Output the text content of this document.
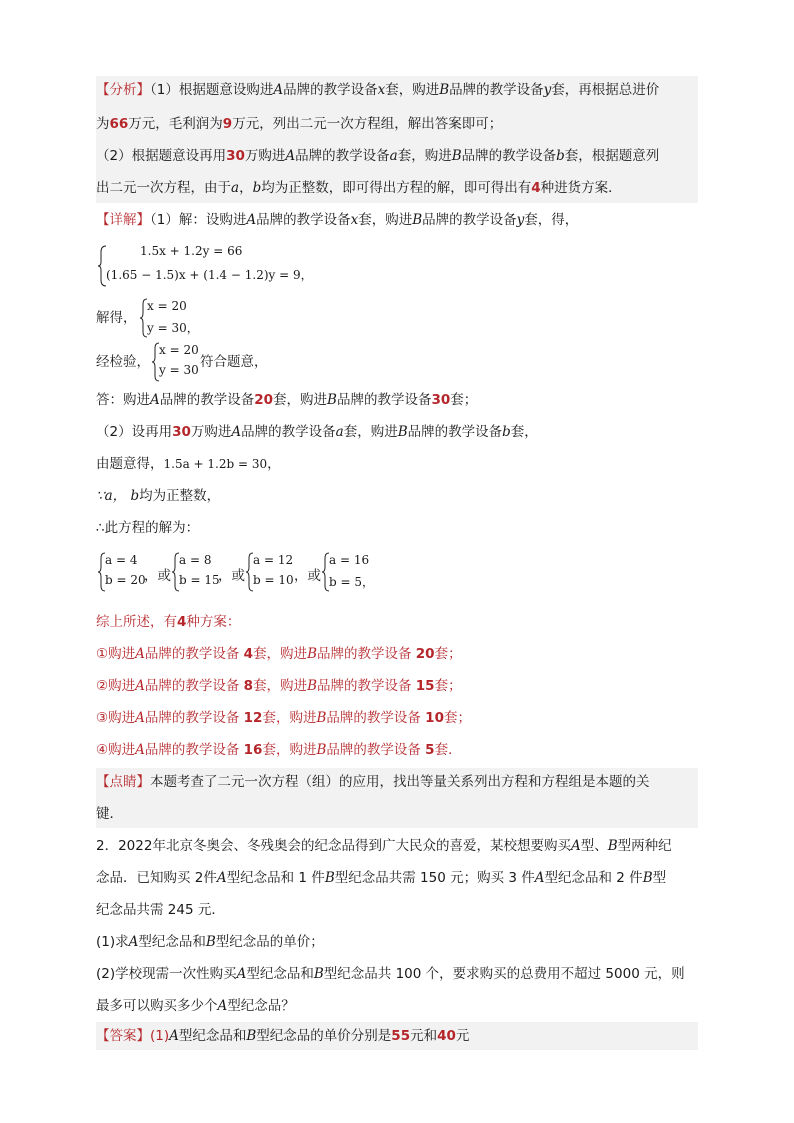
【分析】（1）根据题意设购进A品牌的教学设备x套，购进B品牌的教学设备y套，再根据总进价
为66万元，毛利润为9万元，列出二元一次方程组，解出答案即可；
（2）根据题意设再用30万购进A品牌的教学设备a套，购进B品牌的教学设备b套，根据题意列
出二元一次方程，由于a，b均为正整数，即可得出方程的解，即可得出有4种进货方案．
【详解】（1）解：设购进A品牌的教学设备x套，购进B品牌的教学设备y套，得，
1.5x + 1.2y = 66
(1.65 − 1.5)x + (1.4 − 1.2)y = 9，
解得，
x = 20
y = 30，
经检验，
x = 20
y = 30 符合题意，
答：购进A品牌的教学设备20套，购进B品牌的教学设备30套；
（2）设再用30万购进A品牌的教学设备a套，购进B品牌的教学设备b套，
由题意得，1.5a + 1.2b = 30，
∵a， b均为正整数，
∴此方程的解为：
a = 4
b = 20
，或
a = 8
b = 15
，或
a = 12
b = 10 ，或
a = 16
b = 5，
综上所述，有4种方案：
①购进A品牌的教学设备 4套，购进B品牌的教学设备 20套；
②购进A品牌的教学设备 8套，购进B品牌的教学设备 15套；
③购进A品牌的教学设备 12套，购进B品牌的教学设备 10套；
④购进A品牌的教学设备 16套，购进B品牌的教学设备 5套．
【点睛】本题考查了二元一次方程（组）的应用，找出等量关系列出方程和方程组是本题的关
键．
2．2022年北京冬奥会、冬残奥会的纪念品得到广大民众的喜爱，某校想要购买A型、B型两种纪
念品．已知购买 2件A型纪念品和 1 件B型纪念品共需 150 元；购买 3 件A型纪念品和 2 件B型
纪念品共需 245 元．
(1)求A型纪念品和B型纪念品的单价；
(2)学校现需一次性购买A型纪念品和B型纪念品共 100 个，要求购买的总费用不超过 5000 元，则
最多可以购买多少个A型纪念品？
【答案】(1)A型纪念品和B型纪念品的单价分别是55元和40元
